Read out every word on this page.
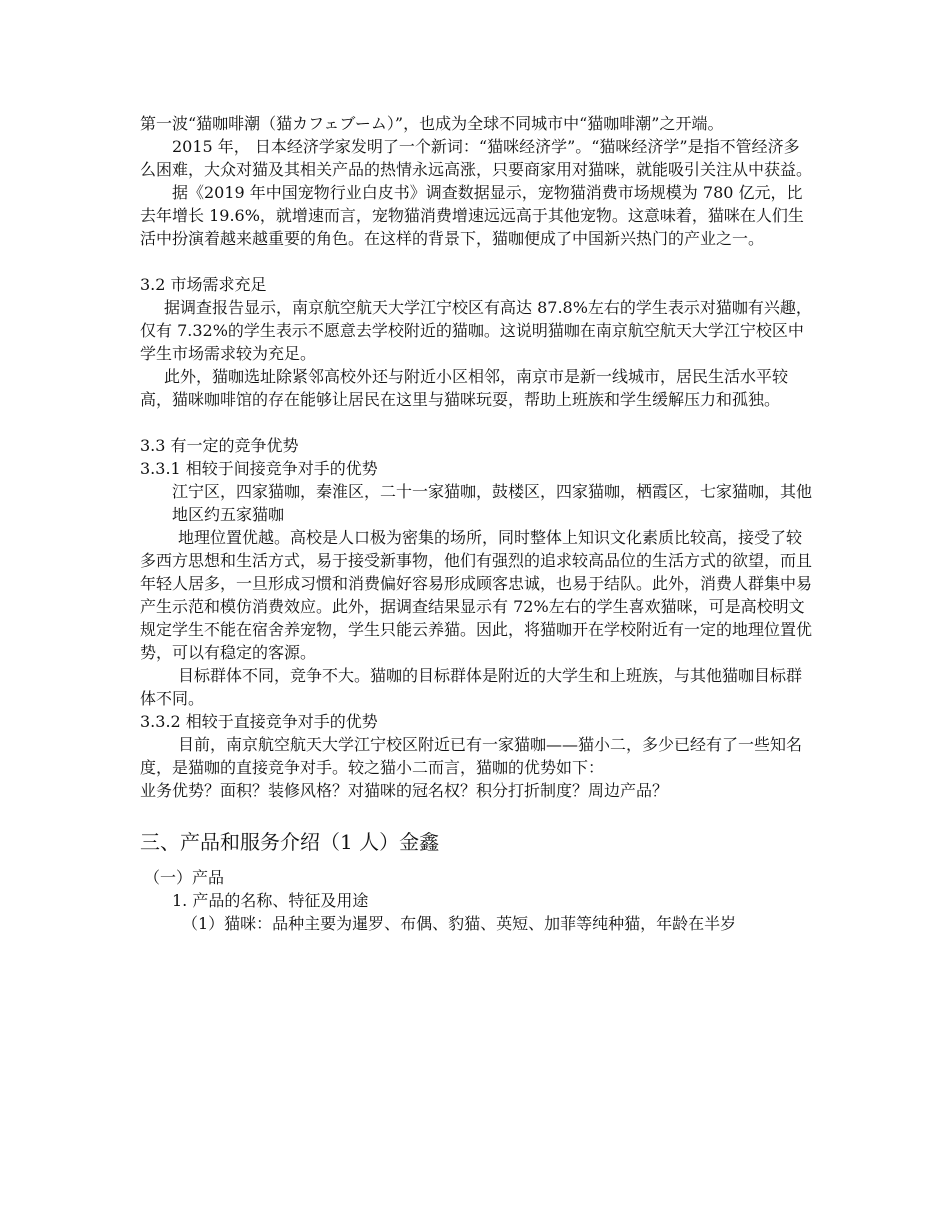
第一波“猫咖啡潮（猫カフェブーム）”，也成为全球不同城市中“猫咖啡潮”之开端。

2015 年， 日本经济学家发明了一个新词：“猫咪经济学”。“猫咪经济学”是指不管经济多么困难，大众对猫及其相关产品的热情永远高涨，只要商家用对猫咪，就能吸引关注从中获益。

据《2019 年中国宠物行业白皮书》调查数据显示，宠物猫消费市场规模为 780 亿元，比去年增长 19.6%，就增速而言，宠物猫消费增速远远高于其他宠物。这意味着，猫咪在人们生活中扮演着越来越重要的角色。在这样的背景下，猫咖便成了中国新兴热门的产业之一。

3.2 市场需求充足

据调查报告显示，南京航空航天大学江宁校区有高达 87.8%左右的学生表示对猫咖有兴趣，仅有 7.32%的学生表示不愿意去学校附近的猫咖。这说明猫咖在南京航空航天大学江宁校区中学生市场需求较为充足。

此外，猫咖选址除紧邻高校外还与附近小区相邻，南京市是新一线城市，居民生活水平较高，猫咪咖啡馆的存在能够让居民在这里与猫咪玩耍，帮助上班族和学生缓解压力和孤独。

3.3 有一定的竞争优势

3.3.1 相较于间接竞争对手的优势

江宁区，四家猫咖，秦淮区，二十一家猫咖，鼓楼区，四家猫咖，栖霞区，七家猫咖，其他地区约五家猫咖

地理位置优越。高校是人口极为密集的场所，同时整体上知识文化素质比较高，接受了较多西方思想和生活方式，易于接受新事物，他们有强烈的追求较高品位的生活方式的欲望，而且年轻人居多，一旦形成习惯和消费偏好容易形成顾客忠诚，也易于结队。此外，消费人群集中易产生示范和模仿消费效应。此外，据调查结果显示有 72%左右的学生喜欢猫咪，可是高校明文规定学生不能在宿舍养宠物，学生只能云养猫。因此，将猫咖开在学校附近有一定的地理位置优势，可以有稳定的客源。

目标群体不同，竞争不大。猫咖的目标群体是附近的大学生和上班族，与其他猫咖目标群体不同。

3.3.2 相较于直接竞争对手的优势

目前，南京航空航天大学江宁校区附近已有一家猫咖——猫小二，多少已经有了一些知名度，是猫咖的直接竞争对手。较之猫小二而言，猫咖的优势如下：

业务优势？面积？装修风格？对猫咪的冠名权？积分打折制度？周边产品？

三、产品和服务介绍（1 人）金鑫

（一）产品

1. 产品的名称、特征及用途

（1）猫咪：品种主要为暹罗、布偶、豹猫、英短、加菲等纯种猫，年龄在半岁
